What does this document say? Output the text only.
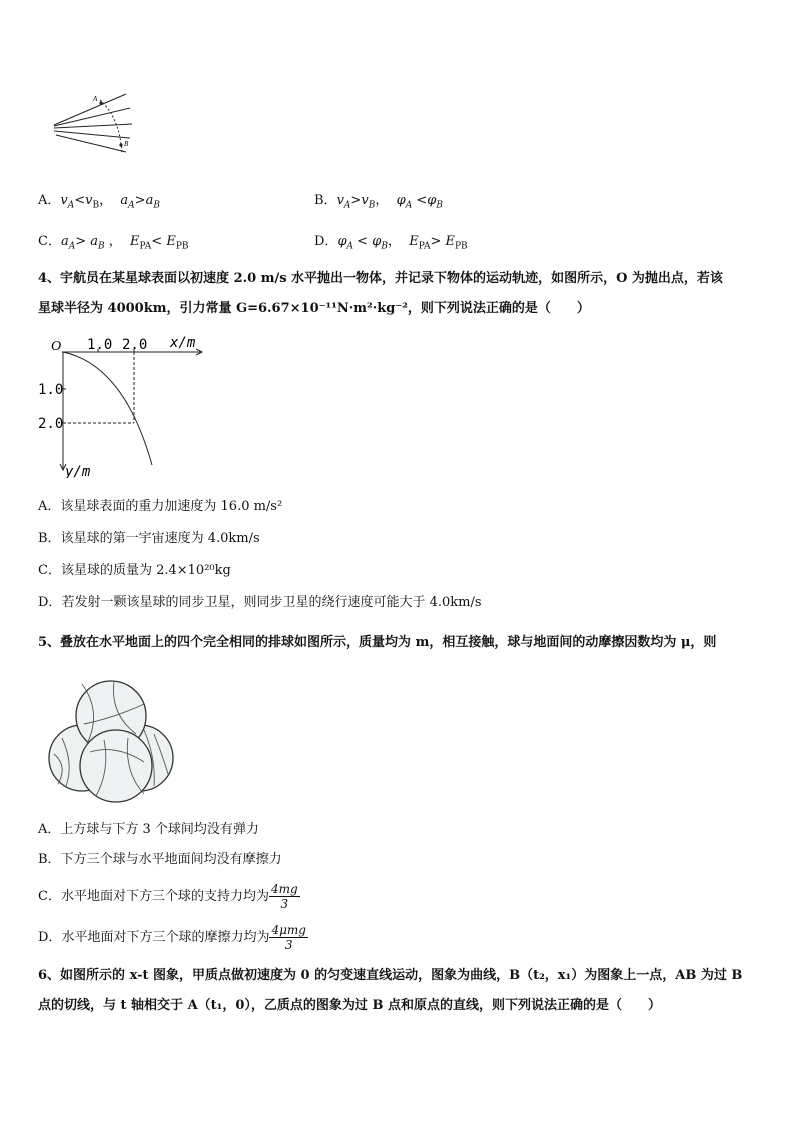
A
B
A．$v_A<v_B$，  $a_A>a_B$	B．$v_A>v_B$，  $\varphi_A <\varphi_B$
C．$a_A> a_B$ ，  $E_{PA}< E_{PB}$	D．$\varphi_A < \varphi_B$，  $E_{PA}> E_{PB}$
4、宇航员在某星球表面以初速度 2.0 m/s 水平抛出一物体，并记录下物体的运动轨迹，如图所示，O 为抛出点，若该
星球半径为 4000km，引力常量 G=6.67×10⁻¹¹N·m²·kg⁻²，则下列说法正确的是（　　）
O 1.0 2.0 x/m
1.0
2.0
y/m
A．该星球表面的重力加速度为 16.0 m/s²
B．该星球的第一宇宙速度为 4.0km/s
C．该星球的质量为 2.4×10²⁰kg
D．若发射一颗该星球的同步卫星，则同步卫星的绕行速度可能大于 4.0km/s
5、叠放在水平地面上的四个完全相同的排球如图所示，质量均为 m，相互接触，球与地面间的动摩擦因数均为 μ，则
A．上方球与下方 3 个球间均没有弹力
B．下方三个球与水平地面间均没有摩擦力
C．水平地面对下方三个球的支持力均为 $\frac{4mg}{3}$
D．水平地面对下方三个球的摩擦力均为 $\frac{\text{4μmg}}{3}$
6、如图所示的 x-t 图象，甲质点做初速度为 0 的匀变速直线运动，图象为曲线，B（t₂，x₁）为图象上一点，AB 为过 B
点的切线，与 t 轴相交于 A（t₁，0），乙质点的图象为过 B 点和原点的直线，则下列说法正确的是（　　）
